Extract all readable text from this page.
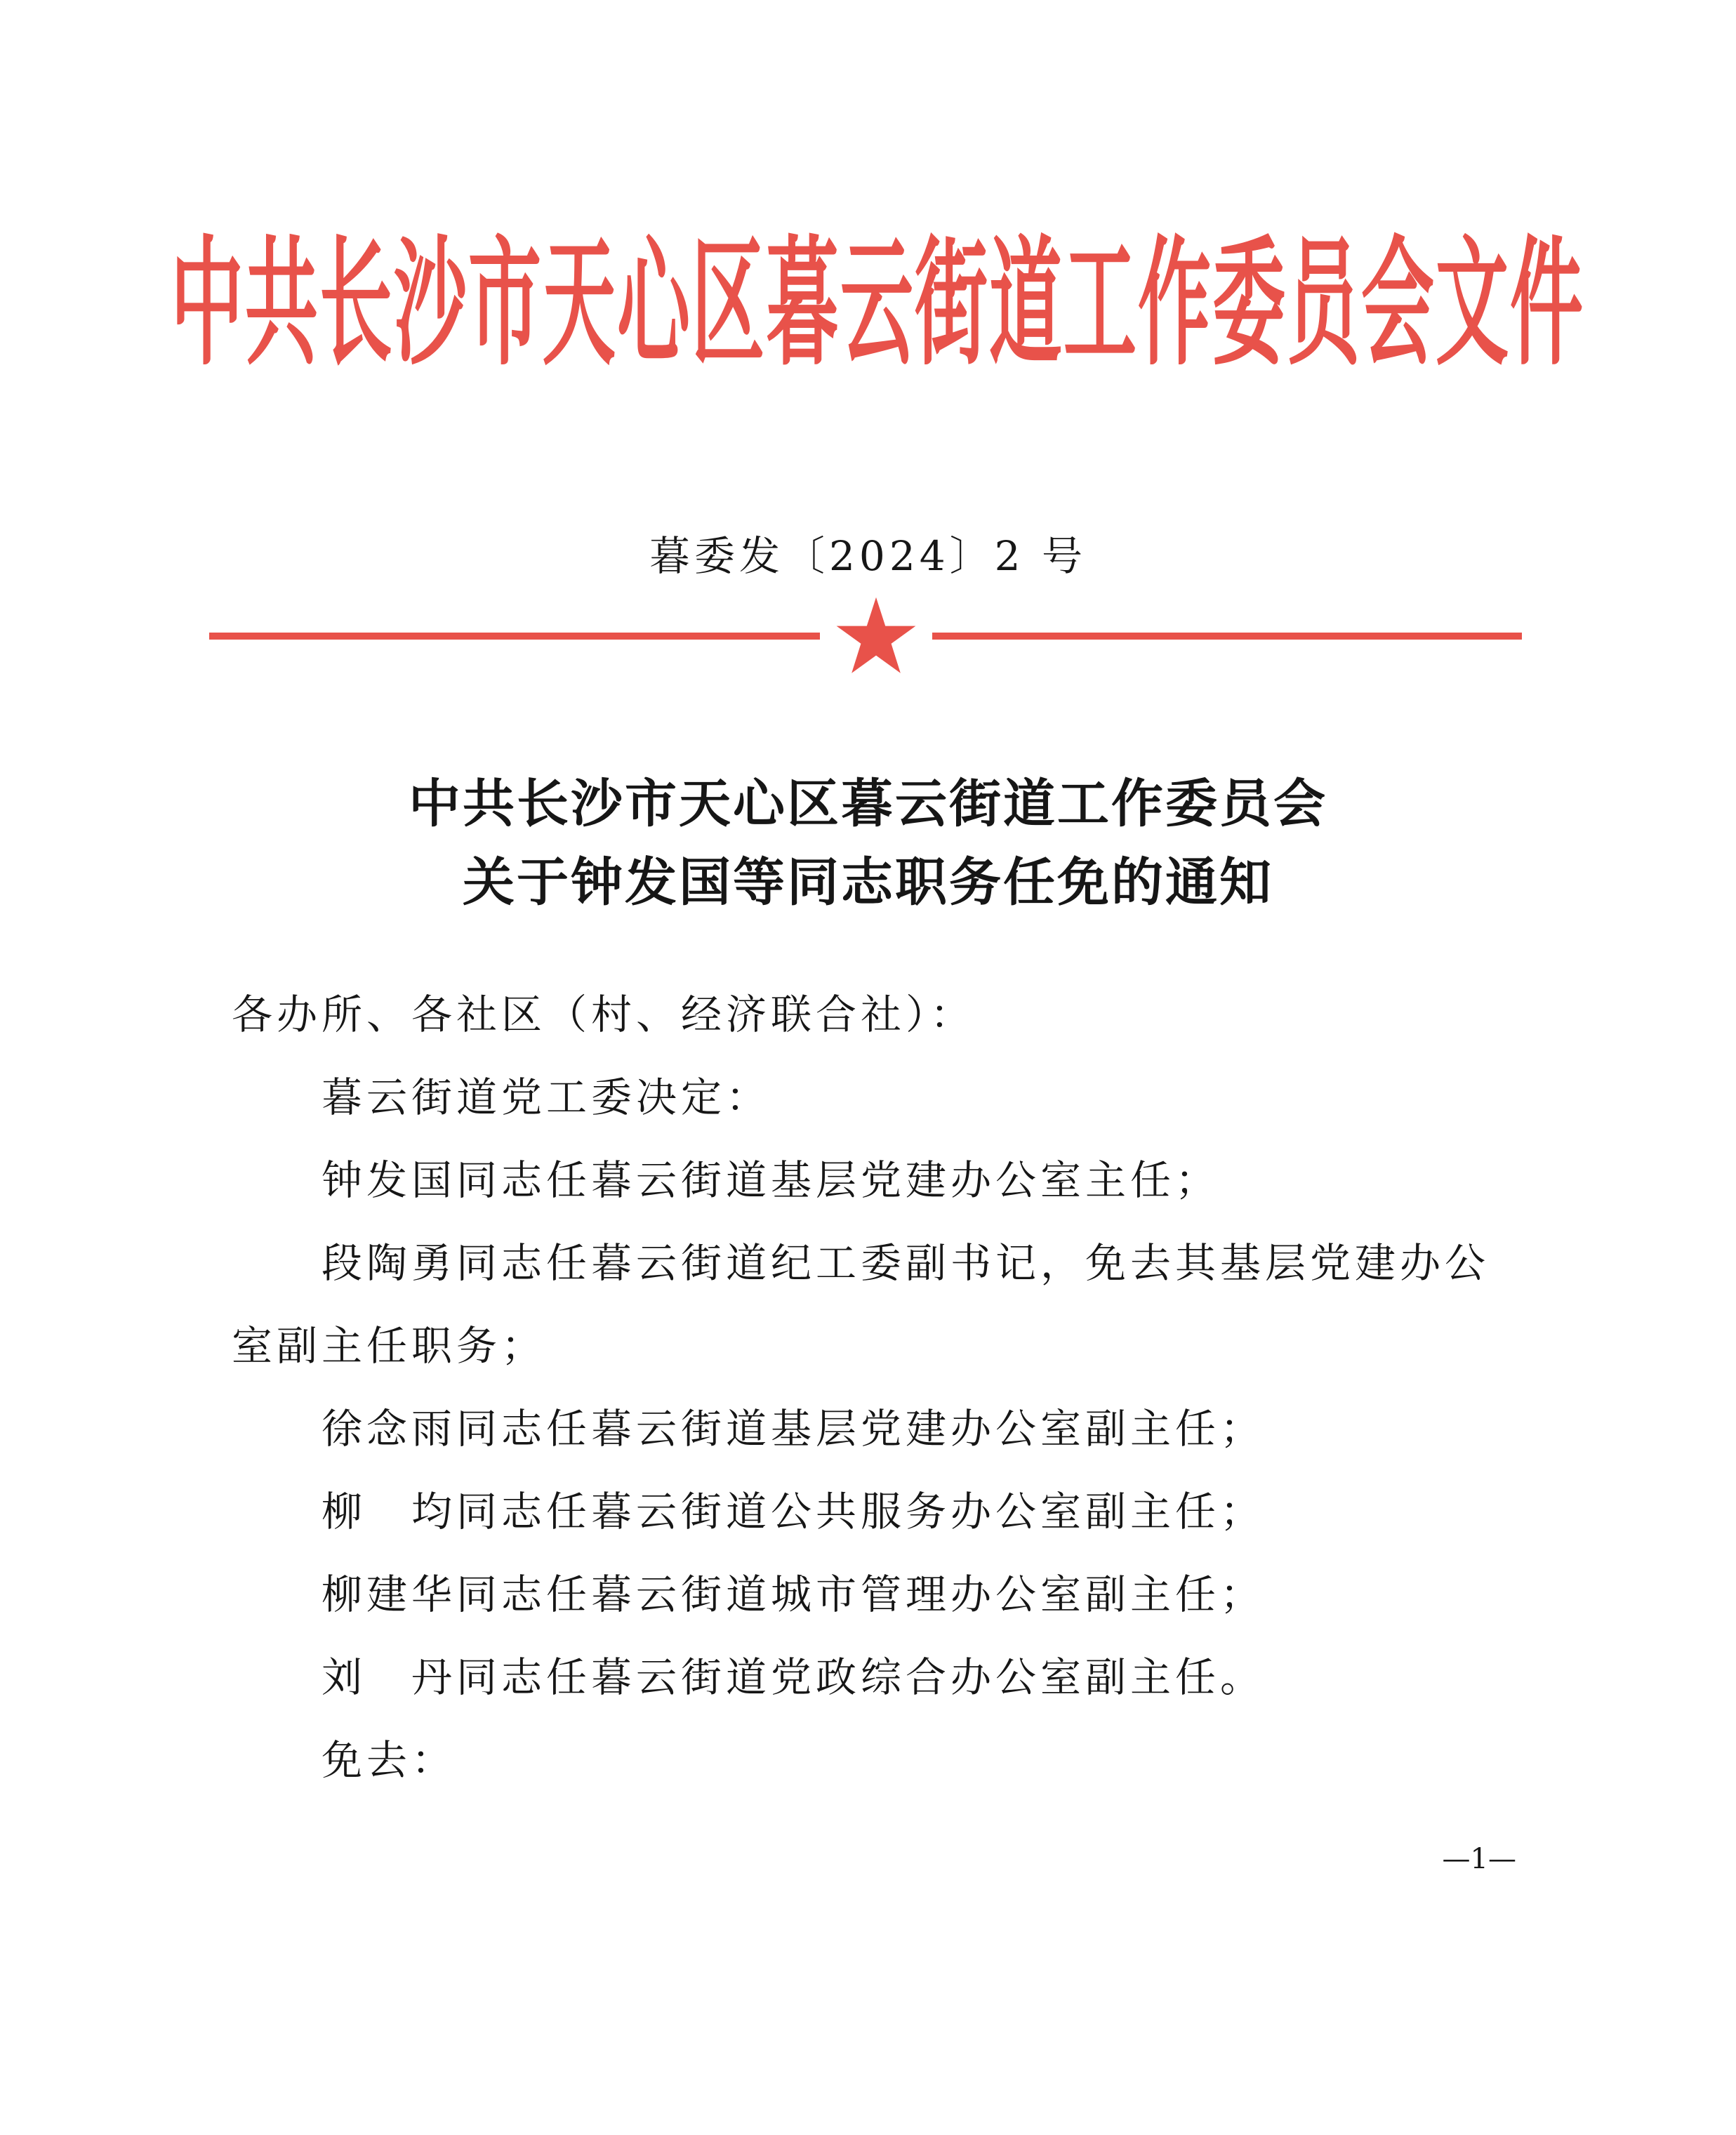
中共长沙市天心区暮云街道工作委员会文件
暮委发〔2024〕2 号
中共长沙市天心区暮云街道工作委员会
关于钟发国等同志职务任免的通知
各办所、各社区（村、经济联合社）：
暮云街道党工委决定：
钟发国同志任暮云街道基层党建办公室主任；
段陶勇同志任暮云街道纪工委副书记，免去其基层党建办公
室副主任职务；
徐念雨同志任暮云街道基层党建办公室副主任；
柳　均同志任暮云街道公共服务办公室副主任；
柳建华同志任暮云街道城市管理办公室副主任；
刘　丹同志任暮云街道党政综合办公室副主任。
免去：
—1—
